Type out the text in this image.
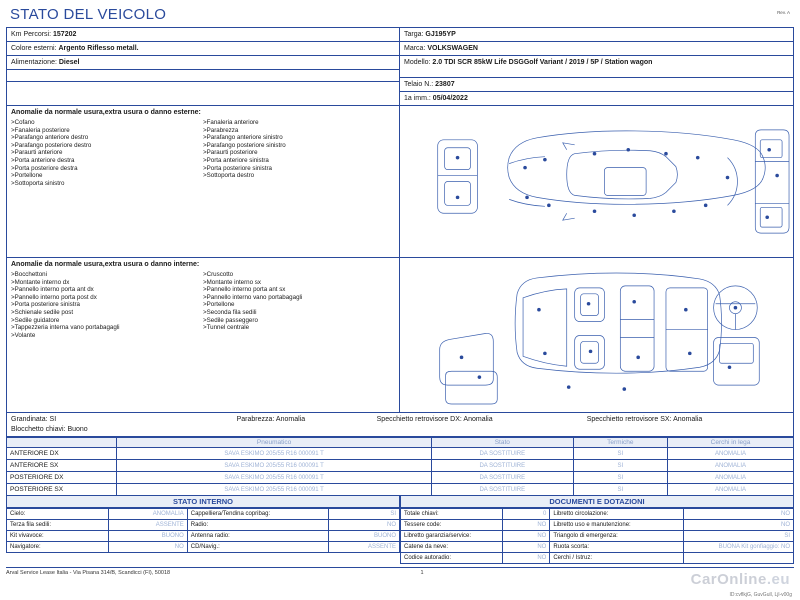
Rev. A
STATO DEL VEICOLO
Km Percorsi: 157202
Colore esterni: Argento Riflesso metall.
Alimentazione: Diesel
Targa: GJ195YP
Marca: VOLKSWAGEN
Modello: 2.0 TDI SCR 85kW Life DSGGolf Variant / 2019 / 5P / Station wagon
Telaio N.: 23807
1a imm.: 05/04/2022
Anomalie da normale usura,extra usura o danno esterne:
> Cofano
> Fanaleria posteriore
> Parafango anteriore destro
> Parafango posteriore destro
> Paraurti anteriore
> Porta anteriore destra
> Porta posteriore destra
> Portellone
> Sottoporta sinistro
> Fanaleria anteriore
> Parabrezza
> Parafango anteriore sinistro
> Parafango posteriore sinistro
> Paraurti posteriore
> Porta anteriore sinistra
> Porta posteriore sinistra
> Sottoporta destro
Anomalie da normale usura,extra usura o danno interne:
> Bocchettoni
> Montante interno dx
> Pannello interno porta ant dx
> Pannello interno porta post dx
> Porta posteriore sinistra
> Schienale sedile post
> Sedile guidatore
> Tappezzeria interna vano portabagagli
> Volante
> Cruscotto
> Montante interno sx
> Pannello interno porta ant sx
> Pannello interno vano portabagagli
> Portellone
> Seconda fila sedili
> Sedile passeggero
> Tunnel centrale
Grandinata: SI	Parabrezza: Anomalia	Specchietto retrovisore DX: Anomalia	Specchietto retrovisore SX: Anomalia
Blocchetto chiavi: Buono
	Pneumatico	Stato	Termiche	Cerchi in lega
ANTERIORE DX	SAVA ESKIMO 205/55 R16 000091 T	DA SOSTITUIRE	SI	ANOMALIA
ANTERIORE SX	SAVA ESKIMO 205/55 R16 000091 T	DA SOSTITUIRE	SI	ANOMALIA
POSTERIORE DX	SAVA ESKIMO 205/55 R16 000091 T	DA SOSTITUIRE	SI	ANOMALIA
POSTERIORE SX	SAVA ESKIMO 205/55 R16 000091 T	DA SOSTITUIRE	SI	ANOMALIA
STATO INTERNO
Cielo:	ANOMALIA	Cappelliera/Tendina copribag:	SI
Terza fila sedili:	ASSENTE	Radio:	NO
Kit vivavoce:	BUONO	Antenna radio:	BUONO
Navigatore:	NO	CD/Navig.:	ASSENTE
DOCUMENTI E DOTAZIONI
Totale chiavi:	0	Libretto circolazione:	NO
Tessere code:	NO	Libretto uso e manutenzione:	NO
Libretto garanzia/service:	NO	Triangolo di emergenza:	SI
Catene da neve:	NO	Ruota scorta:	BUONA Kit gonfiaggio: NO
Codice autoradio:	NO	Cerchi / Istruz:	
Arval Service Lease Italia - Via Pisana 314/B, Scandicci (FI), 50018	1
ID:cvflkjG, GuvGull, Ljl-v00g
CarOnline.eu
